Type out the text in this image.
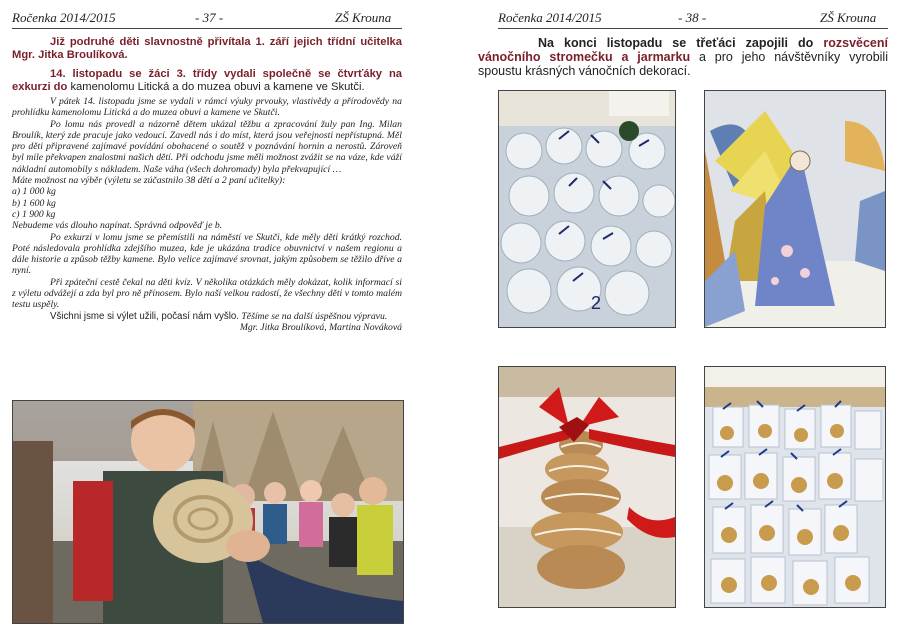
Ročenka 2014/2015	- 37 -	ZŠ Krouna
Již podruhé děti slavnostně přivítala 1. září jejich třídní učitelka Mgr. Jitka Broulíková.
14. listopadu se žáci 3. třídy vydali společně se čtvrťáky na exkurzi do kamenolomu Litická a do muzea obuvi a kamene ve Skutči.

V pátek 14. listopadu jsme se vydali v rámci výuky prvouky, vlastivědy a přírodovědy na prohlídku kamenolomu Litická a do muzea obuvi a kamene ve Skutči.

Po lomu nás provedl a názorně dětem ukázal těžbu a zpracování žuly pan Ing. Milan Broulík, který zde pracuje jako vedoucí. Zavedl nás i do míst, která jsou veřejnosti nepřístupná. Měl pro děti připravené zajímavé povídání obohacené o soutěž v poznávání hornin a nerostů. Zároveň byl mile překvapen znalostmi našich dětí. Při odchodu jsme měli možnost zvážit se na váze, kde váží nákladní automobily s nákladem. Naše váha (všech dohromady) byla překvapující …

Máte možnost na výběr (výletu se zúčastnilo 38 dětí a 2 paní učitelky):

a) 1 000 kg

b) 1 600 kg

c) 1 900 kg

Nebudeme vás dlouho napínat. Správná odpověď je b.

Po exkurzi v lomu jsme se přemístili na náměstí ve Skutči, kde měly děti krátký rozchod. Poté následovala prohlídka zdejšího muzea, kde je ukázána tradice obuvnictví v našem regionu a dále historie a způsob těžby kamene. Bylo velice zajímavé srovnat, jakým způsobem se těžilo dříve a nyní.

Při zpáteční cestě čekal na děti kvíz. V několika otázkách měly dokázat, kolik informací si z výletu odvážejí a zda byl pro ně přínosem. Bylo naší velkou radostí, že všechny děti v tomto malém testu uspěly.

Všichni jsme si výlet užili, počasí nám vyšlo. Těšíme se na další úspěšnou výpravu.

Mgr. Jitka Broulíková, Martina Nováková

Ročenka 2014/2015	- 38 -	ZŠ Krouna
Na konci listopadu se třeťáci zapojili do rozsvěcení vánočního stromečku a jarmarku a pro jeho návštěvníky vyrobili spoustu krásných vánočních dekorací.
2
